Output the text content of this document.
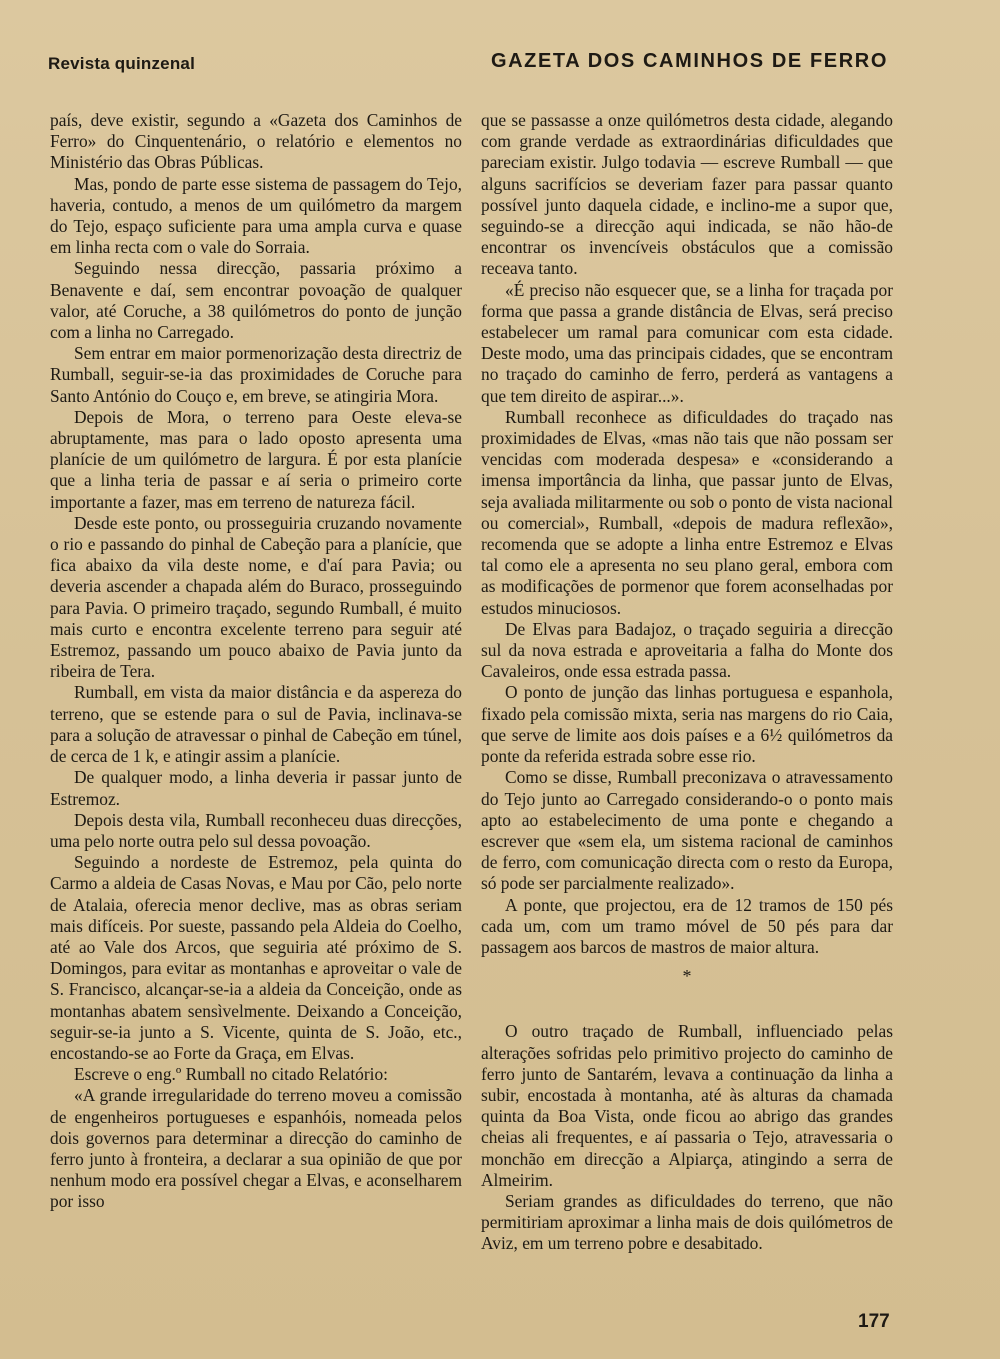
Revista quinzenal	GAZETA DOS CAMINHOS DE FERRO

país, deve existir, segundo a «Gazeta dos Caminhos de Ferro» do Cinquentenário, o relatório e elementos no Ministério das Obras Públicas.

Mas, pondo de parte esse sistema de passagem do Tejo, haveria, contudo, a menos de um quilómetro da margem do Tejo, espaço suficiente para uma ampla curva e quase em linha recta com o vale do Sorraia.

Seguindo nessa direcção, passaria próximo a Benavente e daí, sem encontrar povoação de qualquer valor, até Coruche, a 38 quilómetros do ponto de junção com a linha no Carregado.

Sem entrar em maior pormenorização desta directriz de Rumball, seguir-se-ia das proximidades de Coruche para Santo António do Couço e, em breve, se atingiria Mora.

Depois de Mora, o terreno para Oeste eleva-se abruptamente, mas para o lado oposto apresenta uma planície de um quilómetro de largura. É por esta planície que a linha teria de passar e aí seria o primeiro corte importante a fazer, mas em terreno de natureza fácil.

Desde este ponto, ou prosseguiria cruzando novamente o rio e passando do pinhal de Cabeção para a planície, que fica abaixo da vila deste nome, e d'aí para Pavia; ou deveria ascender a chapada além do Buraco, prosseguindo para Pavia. O primeiro traçado, segundo Rumball, é muito mais curto e encontra excelente terreno para seguir até Estremoz, passando um pouco abaixo de Pavia junto da ribeira de Tera.

Rumball, em vista da maior distância e da aspereza do terreno, que se estende para o sul de Pavia, inclinava-se para a solução de atravessar o pinhal de Cabeção em túnel, de cerca de 1 k, e atingir assim a planície.

De qualquer modo, a linha deveria ir passar junto de Estremoz.

Depois desta vila, Rumball reconheceu duas direcções, uma pelo norte outra pelo sul dessa povoação.

Seguindo a nordeste de Estremoz, pela quinta do Carmo a aldeia de Casas Novas, e Mau por Cão, pelo norte de Atalaia, oferecia menor declive, mas as obras seriam mais difíceis. Por sueste, passando pela Aldeia do Coelho, até ao Vale dos Arcos, que seguiria até próximo de S. Domingos, para evitar as montanhas e aproveitar o vale de S. Francisco, alcançar-se-ia a aldeia da Conceição, onde as montanhas abatem sensìvelmente. Deixando a Conceição, seguir-se-ia junto a S. Vicente, quinta de S. João, etc., encostando-se ao Forte da Graça, em Elvas.

Escreve o eng.º Rumball no citado Relatório:

«A grande irregularidade do terreno moveu a comissão de engenheiros portugueses e espanhóis, nomeada pelos dois governos para determinar a direcção do caminho de ferro junto à fronteira, a declarar a sua opinião de que por nenhum modo era possível chegar a Elvas, e aconselharem por isso

que se passasse a onze quilómetros desta cidade, alegando com grande verdade as extraordinárias dificuldades que pareciam existir. Julgo todavia — escreve Rumball — que alguns sacrifícios se deveriam fazer para passar quanto possível junto daquela cidade, e inclino-me a supor que, seguindo-se a direcção aqui indicada, se não hão-de encontrar os invencíveis obstáculos que a comissão receava tanto.

«É preciso não esquecer que, se a linha for traçada por forma que passa a grande distância de Elvas, será preciso estabelecer um ramal para comunicar com esta cidade. Deste modo, uma das principais cidades, que se encontram no traçado do caminho de ferro, perderá as vantagens a que tem direito de aspirar...».

Rumball reconhece as dificuldades do traçado nas proximidades de Elvas, «mas não tais que não possam ser vencidas com moderada despesa» e «considerando a imensa importância da linha, que passar junto de Elvas, seja avaliada militarmente ou sob o ponto de vista nacional ou comercial», Rumball, «depois de madura reflexão», recomenda que se adopte a linha entre Estremoz e Elvas tal como ele a apresenta no seu plano geral, embora com as modificações de pormenor que forem aconselhadas por estudos minuciosos.

De Elvas para Badajoz, o traçado seguiria a direcção sul da nova estrada e aproveitaria a falha do Monte dos Cavaleiros, onde essa estrada passa.

O ponto de junção das linhas portuguesa e espanhola, fixado pela comissão mixta, seria nas margens do rio Caia, que serve de limite aos dois países e a 6½ quilómetros da ponte da referida estrada sobre esse rio.

Como se disse, Rumball preconizava o atravessamento do Tejo junto ao Carregado considerando-o o ponto mais apto ao estabelecimento de uma ponte e chegando a escrever que «sem ela, um sistema racional de caminhos de ferro, com comunicação directa com o resto da Europa, só pode ser parcialmente realizado».

A ponte, que projectou, era de 12 tramos de 150 pés cada um, com um tramo móvel de 50 pés para dar passagem aos barcos de mastros de maior altura.

*

O outro traçado de Rumball, influenciado pelas alterações sofridas pelo primitivo projecto do caminho de ferro junto de Santarém, levava a continuação da linha a subir, encostada à montanha, até às alturas da chamada quinta da Boa Vista, onde ficou ao abrigo das grandes cheias ali frequentes, e aí passaria o Tejo, atravessaria o monchão em direcção a Alpiarça, atingindo a serra de Almeirim.

Seriam grandes as dificuldades do terreno, que não permitiriam aproximar a linha mais de dois quilómetros de Aviz, em um terreno pobre e desabitado.

177
